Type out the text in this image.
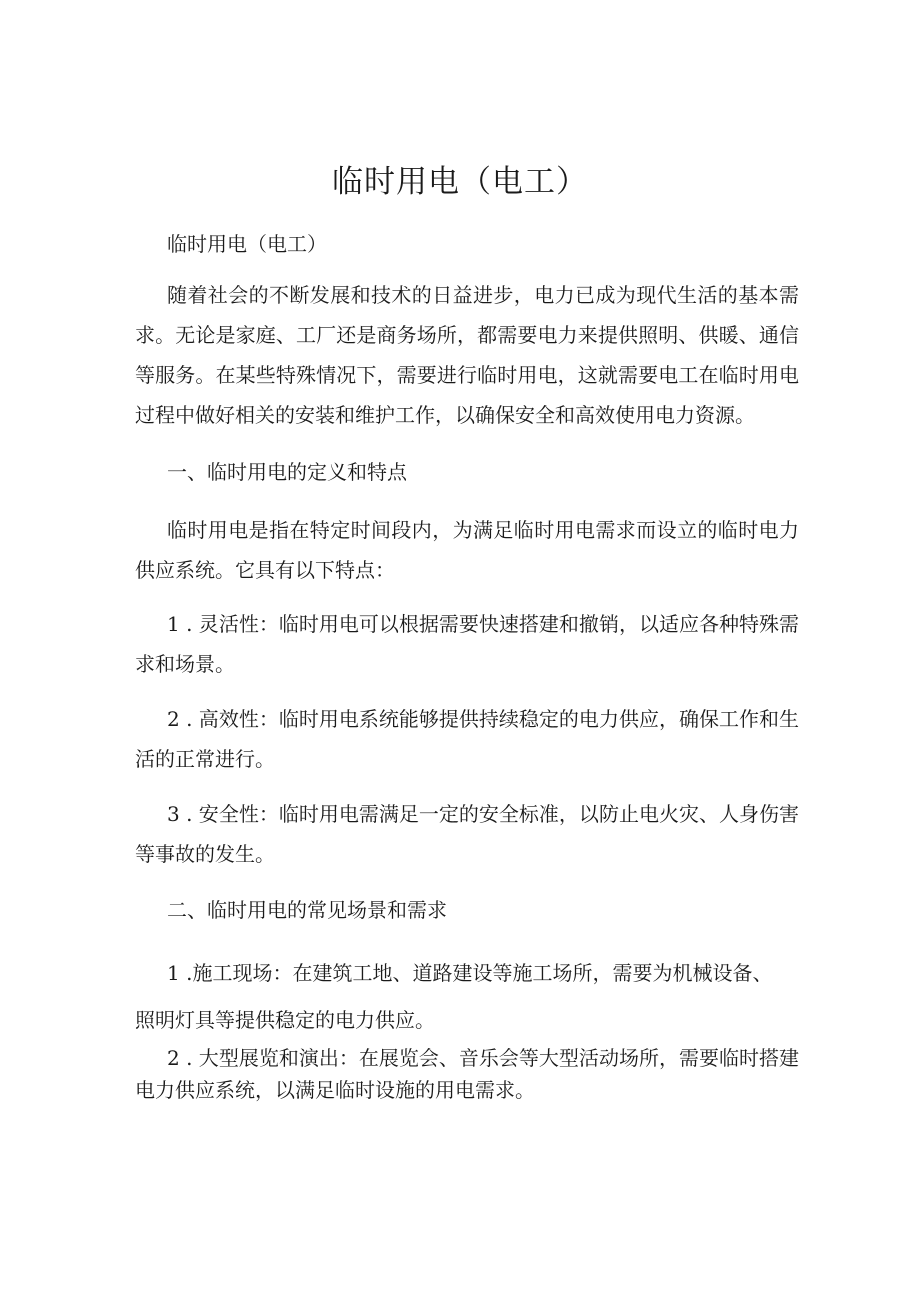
临时用电（电工）

临时用电（电工）

随着社会的不断发展和技术的日益进步，电力已成为现代生活的基本需求。无论是家庭、工厂还是商务场所，都需要电力来提供照明、供暖、通信等服务。在某些特殊情况下，需要进行临时用电，这就需要电工在临时用电过程中做好相关的安装和维护工作，以确保安全和高效使用电力资源。

一、临时用电的定义和特点

临时用电是指在特定时间段内，为满足临时用电需求而设立的临时电力供应系统。它具有以下特点：

1 . 灵活性：临时用电可以根据需要快速搭建和撤销，以适应各种特殊需求和场景。

2 . 高效性：临时用电系统能够提供持续稳定的电力供应，确保工作和生活的正常进行。

3 . 安全性：临时用电需满足一定的安全标准，以防止电火灾、人身伤害等事故的发生。

二、临时用电的常见场景和需求

1 .施工现场：在建筑工地、道路建设等施工场所，需要为机械设备、

照明灯具等提供稳定的电力供应。

2 . 大型展览和演出：在展览会、音乐会等大型活动场所，需要临时搭建电力供应系统，以满足临时设施的用电需求。
